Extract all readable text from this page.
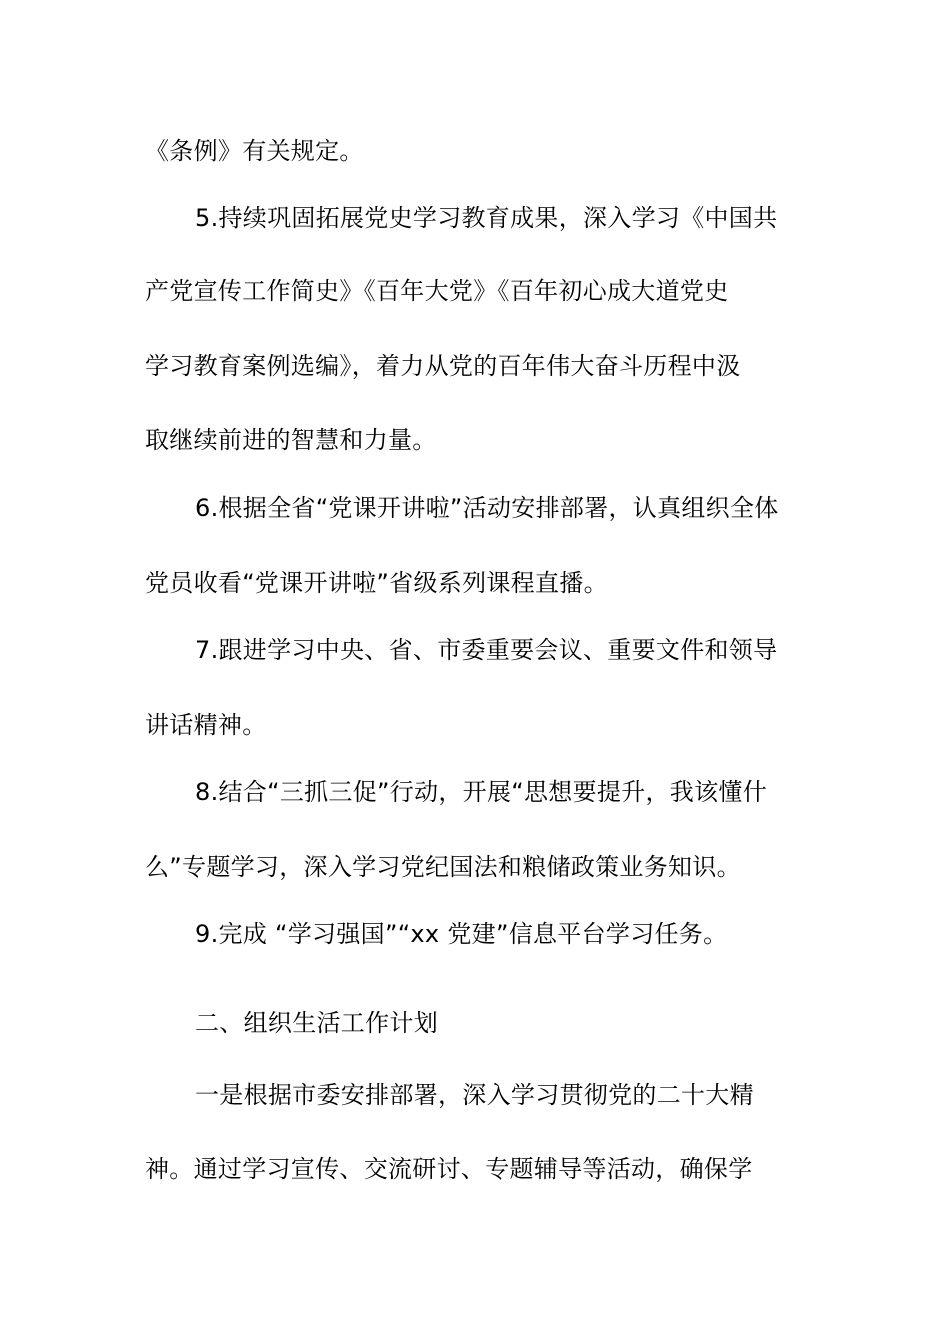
《条例》有关规定。
5.持续巩固拓展党史学习教育成果，深入学习《中国共
产党宣传工作简史》《百年大党》《百年初心成大道党史
学习教育案例选编》，着力从党的百年伟大奋斗历程中汲
取继续前进的智慧和力量。
6.根据全省“党课开讲啦”活动安排部署，认真组织全体
党员收看“党课开讲啦”省级系列课程直播。
7.跟进学习中央、省、市委重要会议、重要文件和领导
讲话精神。
8.结合“三抓三促”行动，开展“思想要提升，我该懂什
么”专题学习，深入学习党纪国法和粮储政策业务知识。
9.完成 “学习强国”“xx 党建”信息平台学习任务。
二、组织生活工作计划
一是根据市委安排部署，深入学习贯彻党的二十大精
神。通过学习宣传、交流研讨、专题辅导等活动，确保学
